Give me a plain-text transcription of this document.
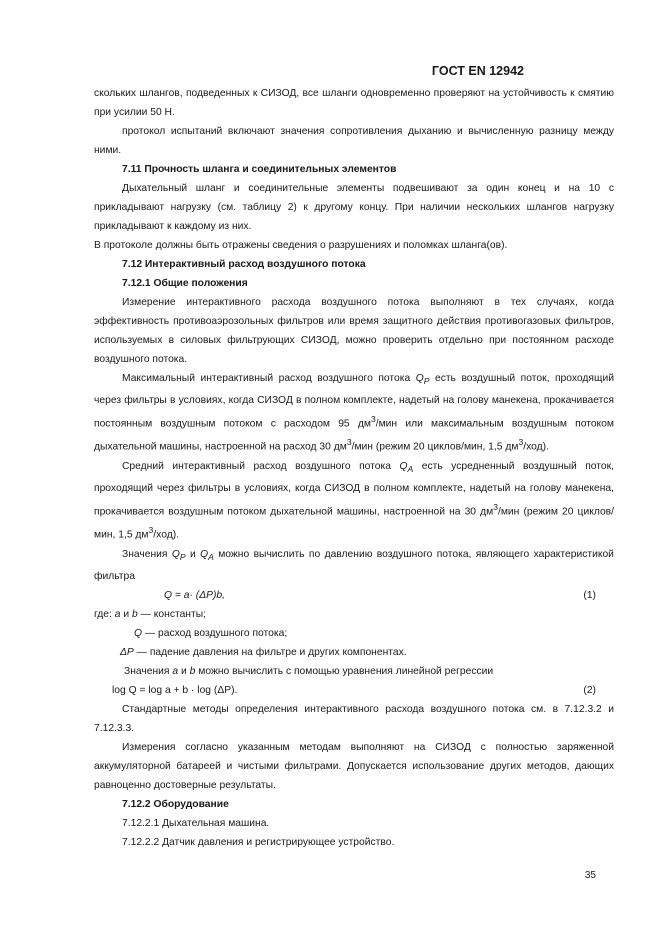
ГОСТ EN 12942

скольких шлангов, подведенных к СИЗОД, все шланги одновременно проверяют на устойчивость к смятию при усилии 50 Н.

протокол испытаний включают значения сопротивления дыханию и вычисленную разницу между ними.

7.11 Прочность шланга и соединительных элементов

Дыхательный шланг и соединительные элементы подвешивают за один конец и на 10 с прикладывают нагрузку (см. таблицу 2) к другому концу. При наличии нескольких шлангов нагрузку прикладывают к каждому из них.

В протоколе должны быть отражены сведения о разрушениях и поломках шланга(ов).

7.12 Интерактивный расход воздушного потока

7.12.1 Общие положения

Измерение интерактивного расхода воздушного потока выполняют в тех случаях, когда эффективность противоаэрозольных фильтров или время защитного действия противогазовых фильтров, используемых в силовых фильтрующих СИЗОД, можно проверить отдельно при постоянном расходе воздушного потока.

Максимальный интерактивный расход воздушного потока $Q_P$ есть воздушный поток, проходящий через фильтры в условиях, когда СИЗОД в полном комплекте, надетый на голову манекена, прокачивается постоянным воздушным потоком с расходом 95 $дм^3$/мин или максимальным воздушным потоком дыхательной машины, настроенной на расход 30 $дм^3$/мин (режим 20 циклов/мин, 1,5 $дм^3/ход$).

Средний интерактивный расход воздушного потока $Q_A$ есть усредненный воздушный поток, проходящий через фильтры в условиях, когда СИЗОД в полном комплекте, надетый на голову манекена, прокачивается воздушным потоком дыхательной машины, настроенной на 30 $дм^3$/мин (режим 20 циклов/мин, 1,5 $дм^3/ход$).

Значения $Q_P$ и $Q_A$ можно вычислить по давлению воздушного потока, являющего характеристикой фильтра

Q = a· (ΔP)b,	(1)

где: a и b — константы;

Q — расход воздушного потока;

ΔP — падение давления на фильтре и других компонентах.

Значения a и b можно вычислить с помощью уравнения линейной регрессии

log Q = log a + b · log (ΔP).	(2)

Стандартные методы определения интерактивного расхода воздушного потока см. в 7.12.3.2 и 7.12.3.3.

Измерения согласно указанным методам выполняют на СИЗОД с полностью заряженной аккумуляторной батареей и чистыми фильтрами. Допускается использование других методов, дающих равноценно достоверные результаты.

7.12.2 Оборудование

7.12.2.1 Дыхательная машина.

7.12.2.2 Датчик давления и регистрирующее устройство.

35
